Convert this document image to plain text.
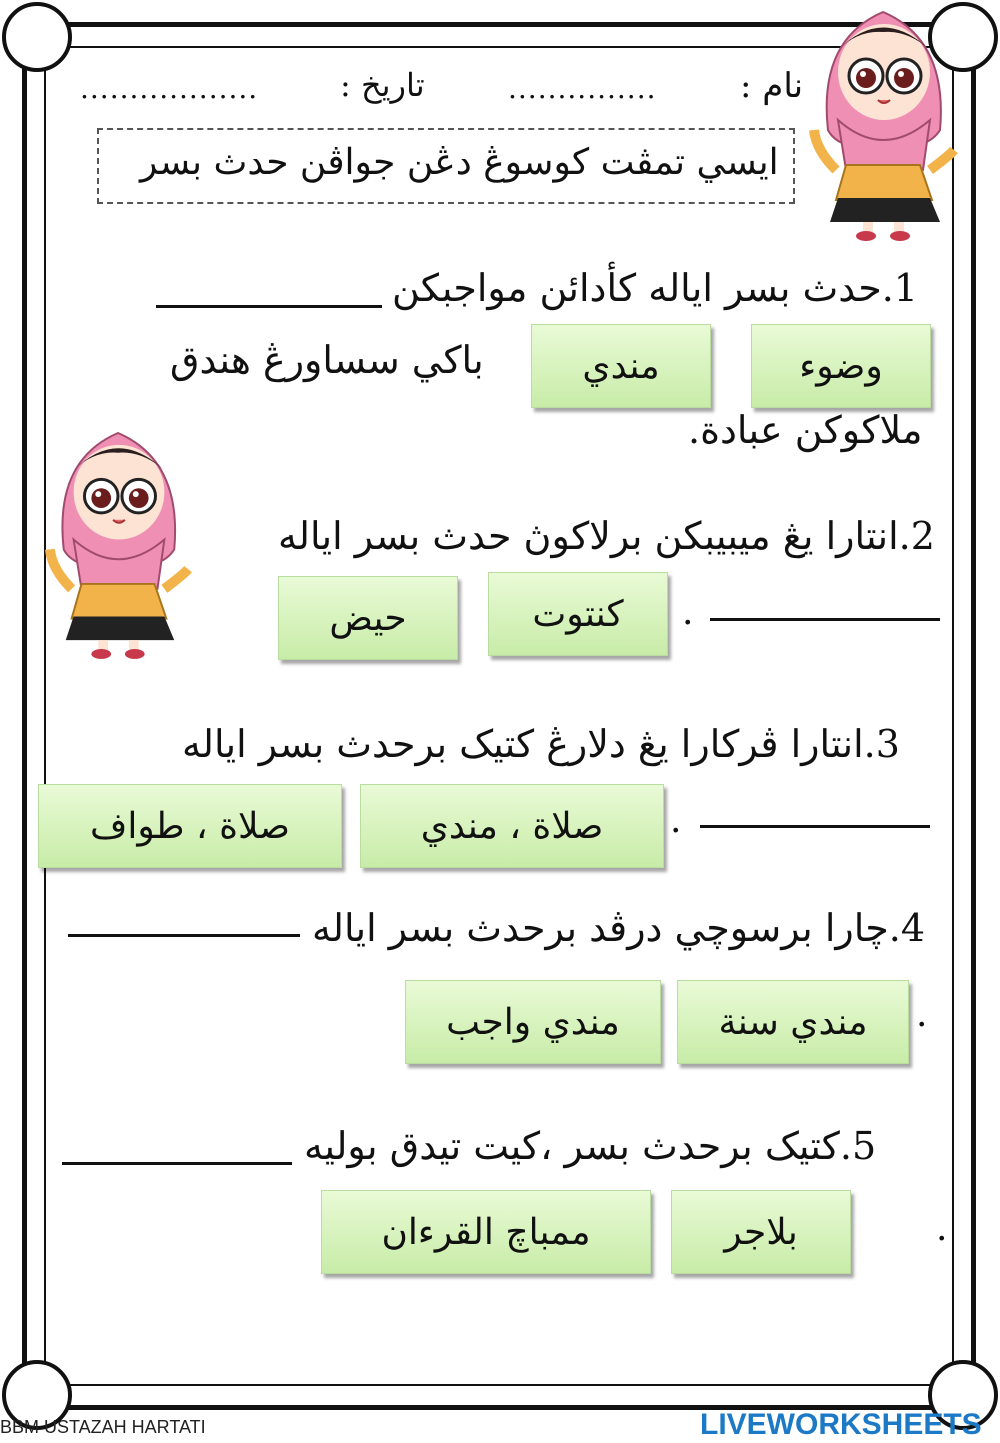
نام :
...............
تاريخ :
..................
ايسي تمڤت كوسوڠ دڠن جواڤن حدث بسر
1.حدث بسر اياله كأدائن مواجبكن
وضوء
مندي
باكي سساورڠ هندق
ملاكوكن عبادة.
2.انتارا يڠ ميبيبكن برلاكوڽ حدث بسر اياله
.
كنتوت
حيض
3.انتارا ڤركارا يڠ دلارڠ كتيک برحدث بسر اياله
.
صلاة ، مندي
صلاة ، طواف
4.چارا برسوچي درڤد برحدث بسر اياله
.
مندي سنة
مندي واجب
5.كتيک برحدث بسر ،كيت تيدق بوليه
.
بلاجر
ممباچ القرءان
BBM USTAZAH HARTATI	LIVEWORKSHEETS
